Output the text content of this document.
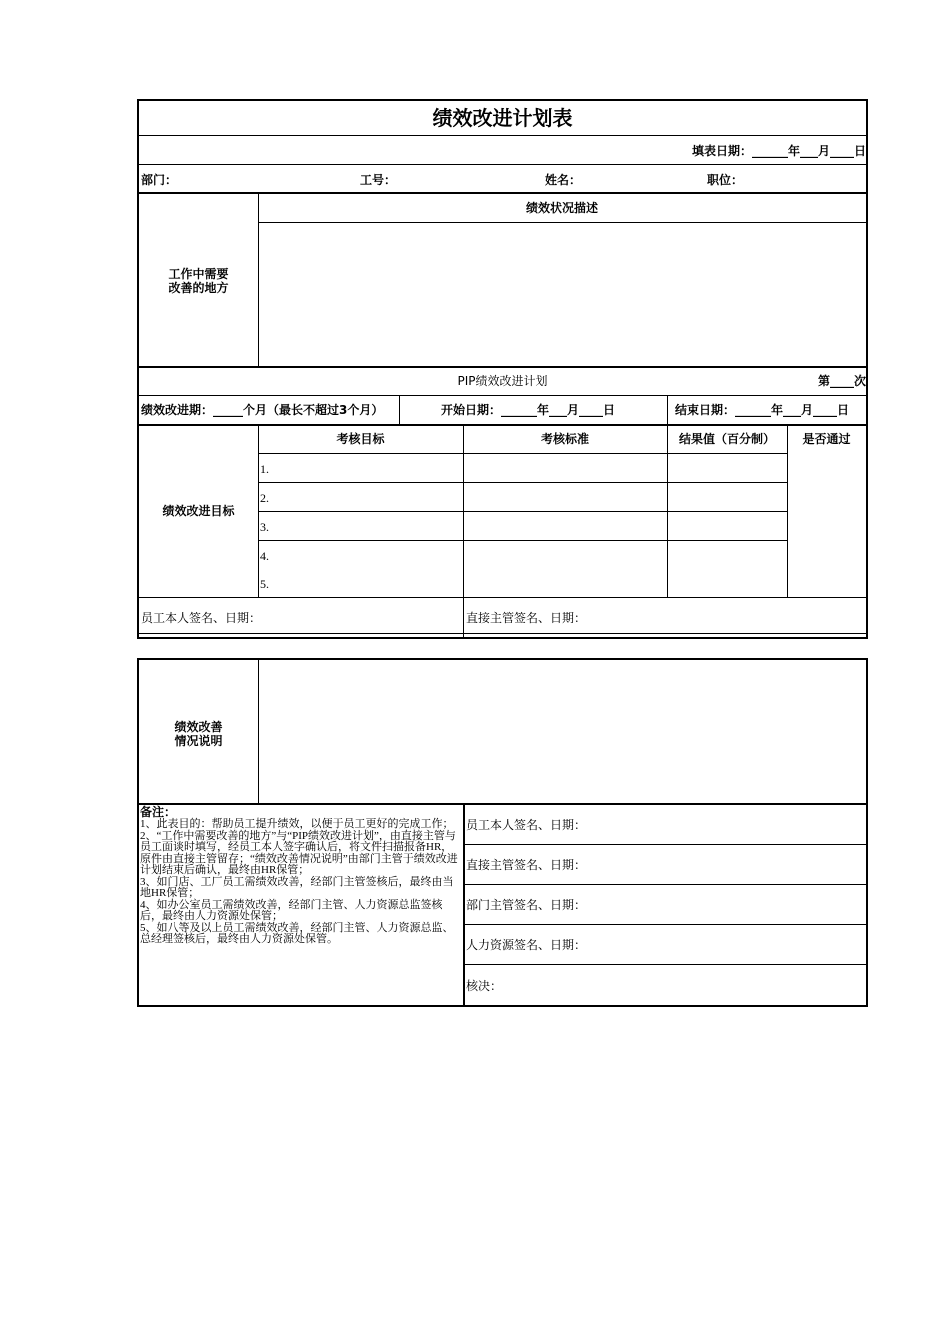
绩效改进计划表
填表日期：______年___月____日
部门：	工号：	姓名：	职位：
工作中需要
改善的地方
绩效状况描述
PIP绩效改进计划	第____次
绩效改进期：_____个月（最长不超过3个月）	开始日期：______年___月____日	结束日期：______年___月____日
绩效改进目标
考核目标	考核标准	结果值（百分制）	是否通过
1.
2.
3.
4.
5.
员工本人签名、日期：	直接主管签名、日期：
绩效改善
情况说明
备注：
1、此表目的：帮助员工提升绩效，以便于员工更好的完成工作；
2、“工作中需要改善的地方”与“PIP绩效改进计划”，由直接主管与员工面谈时填写，经员工本人签字确认后，将文件扫描报备HR，原件由直接主管留存；“绩效改善情况说明”由部门主管于绩效改进计划结束后确认，最终由HR保管；
3、如门店、工厂员工需绩效改善，经部门主管签核后，最终由当地HR保管；
4、如办公室员工需绩效改善，经部门主管、人力资源总监签核后，最终由人力资源处保管；
5、如八等及以上员工需绩效改善，经部门主管、人力资源总监、总经理签核后，最终由人力资源处保管。
员工本人签名、日期：
直接主管签名、日期：
部门主管签名、日期：
人力资源签名、日期：
核决：
